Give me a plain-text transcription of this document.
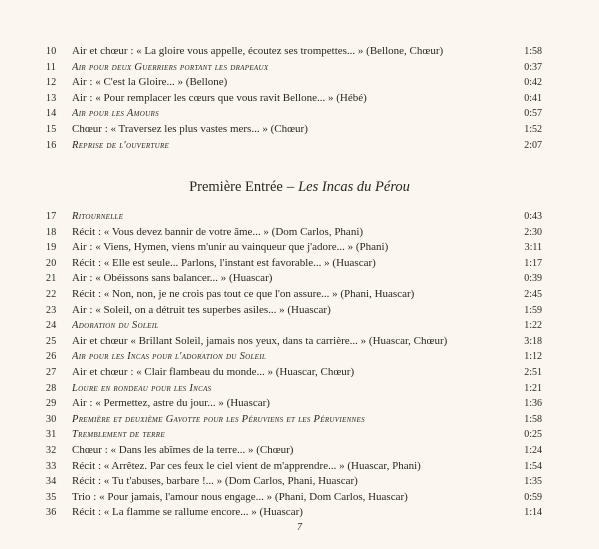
10	Air et chœur : « La gloire vous appelle, écoutez ses trompettes... » (Bellone, Chœur)	1:58
11	Air pour deux Guerriers portant les drapeaux	0:37
12	Air : « C'est la Gloire... » (Bellone)	0:42
13	Air : « Pour remplacer les cœurs que vous ravit Bellone... » (Hébé)	0:41
14	Air pour les Amours	0:57
15	Chœur : « Traversez les plus vastes mers... » (Chœur)	1:52
16	Reprise de l'ouverture	2:07
Première Entrée – Les Incas du Pérou
17	Ritournelle	0:43
18	Récit : « Vous devez bannir de votre âme... » (Dom Carlos, Phani)	2:30
19	Air : « Viens, Hymen, viens m'unir au vainqueur que j'adore... » (Phani)	3:11
20	Récit : « Elle est seule... Parlons, l'instant est favorable... » (Huascar)	1:17
21	Air : « Obéissons sans balancer... » (Huascar)	0:39
22	Récit : « Non, non, je ne crois pas tout ce que l'on assure... » (Phani, Huascar)	2:45
23	Air : « Soleil, on a détruit tes superbes asiles... » (Huascar)	1:59
24	Adoration du Soleil	1:22
25	Air et chœur « Brillant Soleil, jamais nos yeux, dans ta carrière... » (Huascar, Chœur)	3:18
26	Air pour les Incas pour l'adoration du Soleil	1:12
27	Air et chœur : « Clair flambeau du monde... » (Huascar, Chœur)	2:51
28	Loure en rondeau pour les Incas	1:21
29	Air : « Permettez, astre du jour... » (Huascar)	1:36
30	Première et deuxième Gavotte pour les Péruviens et les Péruviennes	1:58
31	Tremblement de terre	0:25
32	Chœur : « Dans les abîmes de la terre... » (Chœur)	1:24
33	Récit : « Arrêtez. Par ces feux le ciel vient de m'apprendre... » (Huascar, Phani)	1:54
34	Récit : « Tu t'abuses, barbare !... » (Dom Carlos, Phani, Huascar)	1:35
35	Trio : « Pour jamais, l'amour nous engage... » (Phani, Dom Carlos, Huascar)	0:59
36	Récit : « La flamme se rallume encore... » (Huascar)	1:14
7
